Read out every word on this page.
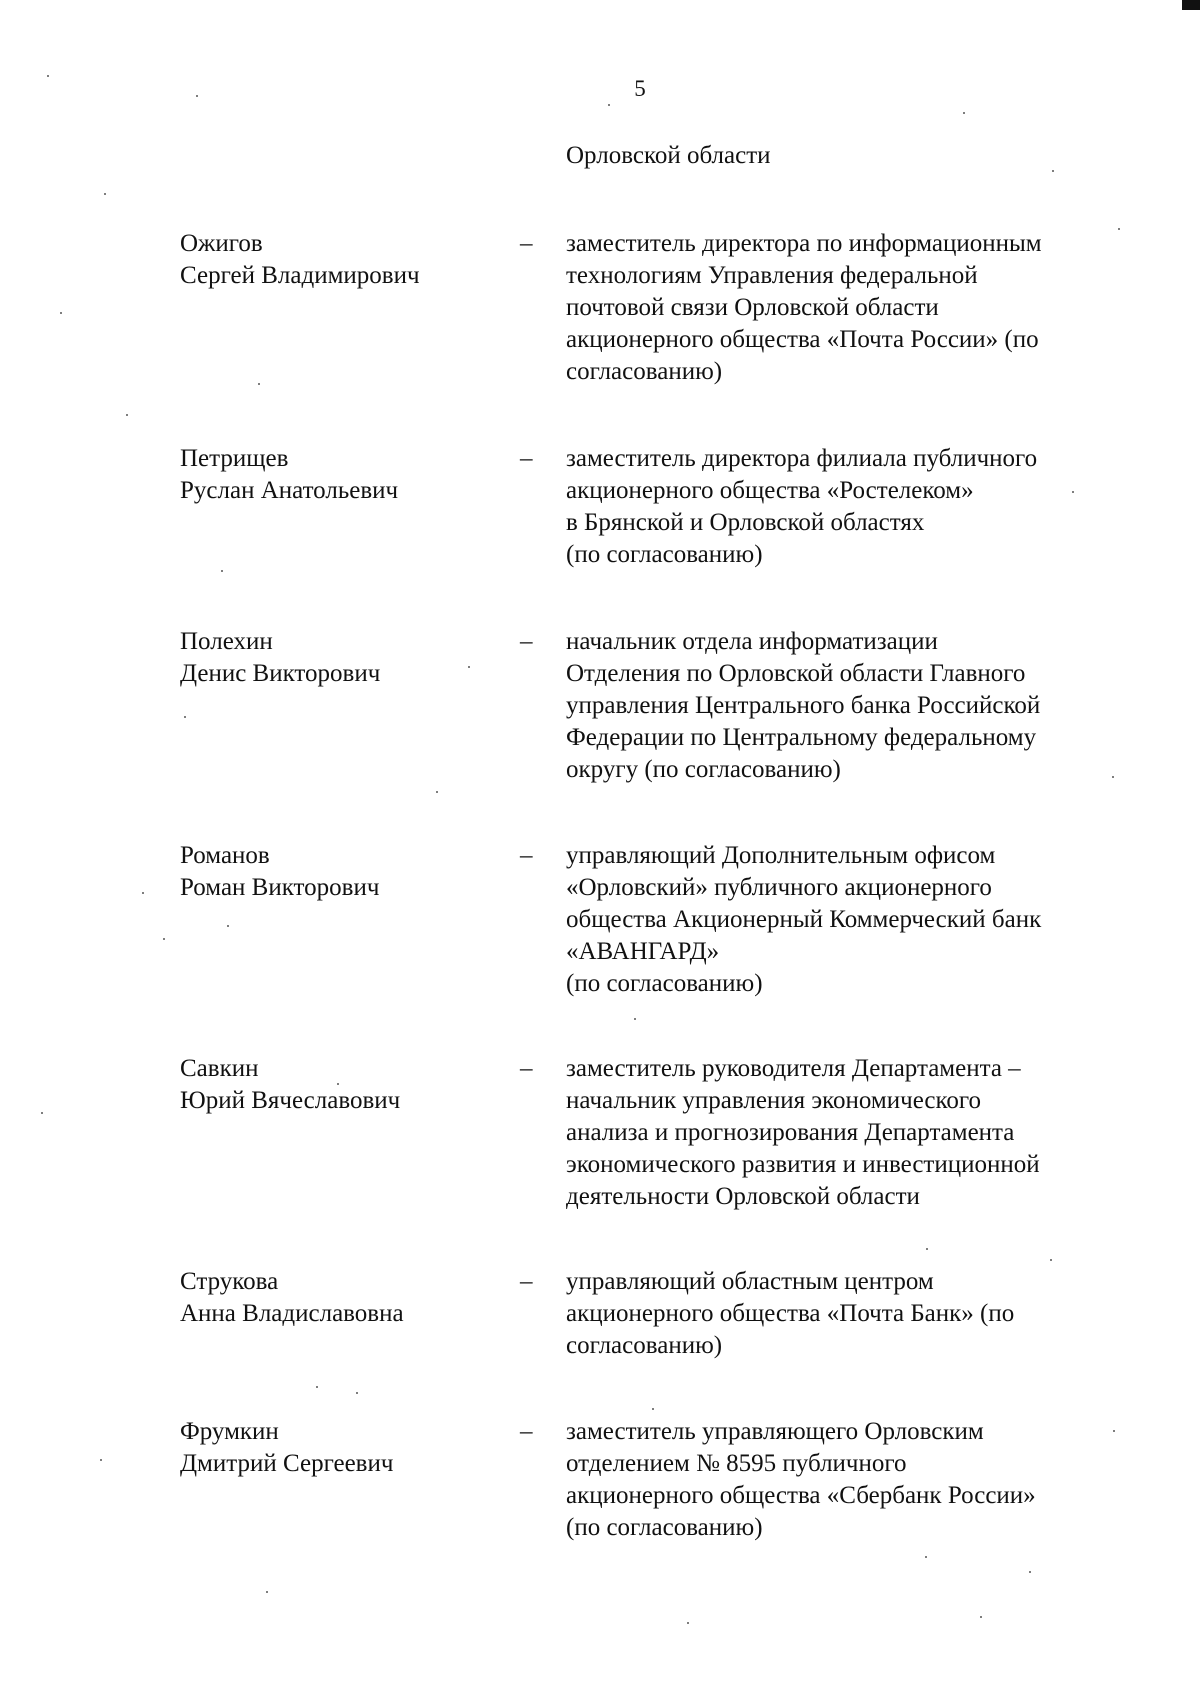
5
Орловской области
Ожигов
Сергей Владимирович
– заместитель директора по информационным
технологиям Управления федеральной
почтовой связи Орловской области
акционерного общества «Почта России» (по
согласованию)
Петрищев
Руслан Анатольевич
– заместитель директора филиала публичного
акционерного общества «Ростелеком»
в Брянской и Орловской областях
(по согласованию)
Полехин
Денис Викторович
– начальник отдела информатизации
Отделения по Орловской области Главного
управления Центрального банка Российской
Федерации по Центральному федеральному
округу (по согласованию)
Романов
Роман Викторович
– управляющий Дополнительным офисом
«Орловский» публичного акционерного
общества Акционерный Коммерческий банк
«АВАНГАРД»
(по согласованию)
Савкин
Юрий Вячеславович
– заместитель руководителя Департамента –
начальник управления экономического
анализа и прогнозирования Департамента
экономического развития и инвестиционной
деятельности Орловской области
Струкова
Анна Владиславовна
– управляющий областным центром
акционерного общества «Почта Банк» (по
согласованию)
Фрумкин
Дмитрий Сергеевич
– заместитель управляющего Орловским
отделением № 8595 публичного
акционерного общества «Сбербанк России»
(по согласованию)
